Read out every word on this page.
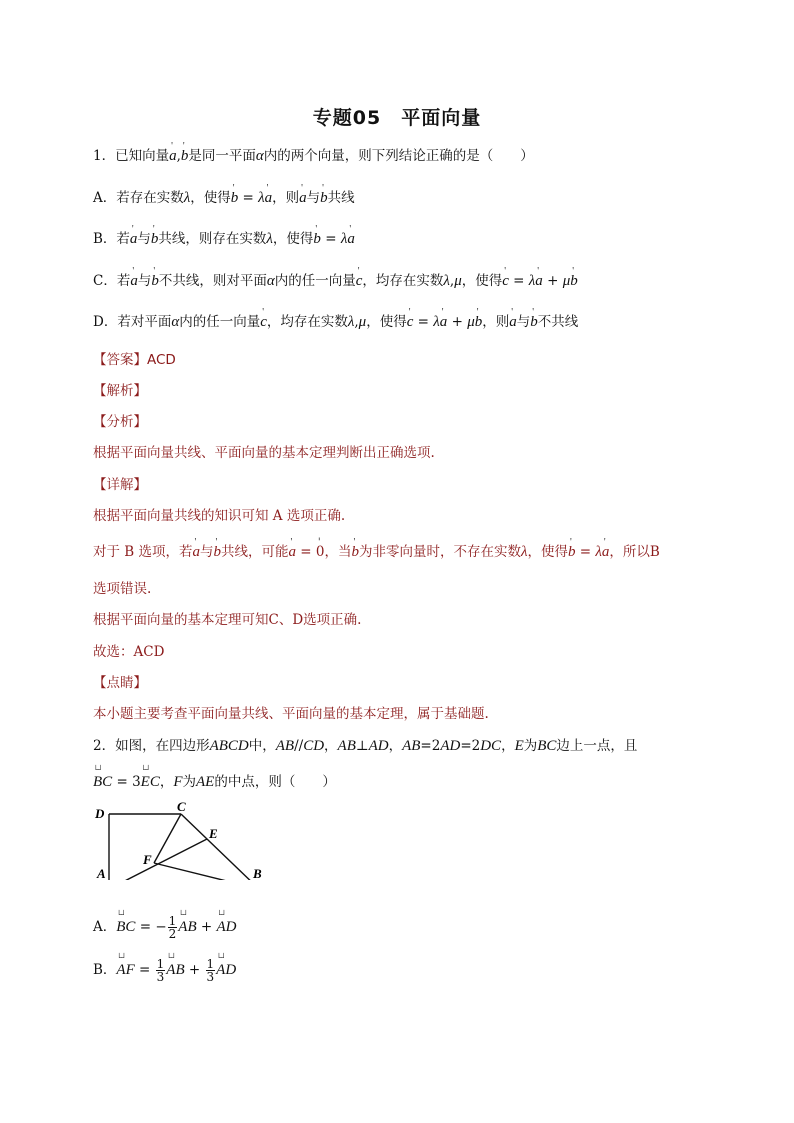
专题05　平面向量
1．已知向量' a,' b是同一平面α内的两个向量，则下列结论正确的是（　　）
A．若存在实数λ，使得' b = λ' a，则' a与' b共线
B．若' a与' b共线，则存在实数λ，使得' b = λ' a
C．若' a与' b不共线，则对平面α内的任一向量' c，均存在实数λ,μ，使得' c = λ' a + μ' b
D．若对平面α内的任一向量' c，均存在实数λ,μ，使得' c = λ' a + μ' b，则' a与' b不共线
【答案】ACD
【解析】
【分析】
根据平面向量共线、平面向量的基本定理判断出正确选项.
【详解】
根据平面向量共线的知识可知 A 选项正确.
对于 B 选项，若' a与' b共线，可能' a = ' 0，当' b为非零向量时，不存在实数λ，使得' b = λ' a，所以B
选项错误.
根据平面向量的基本定理可知C、D选项正确.
故选：ACD
【点睛】
本小题主要考查平面向量共线、平面向量的基本定理，属于基础题.
2．如图，在四边形ABCD中，AB//CD，AB⊥AD，AB=2AD=2DC，E为BC边上一点，且
└┘ BC = 3└┘ EC，F为AE的中点，则（　　）
D	C
E
F
A	B
A．└┘ BC = − $\frac{1}{2}$ └┘ AB + └┘ AD
B．└┘ AF = $\frac{1}{3}$ └┘ AB + $\frac{1}{3}$ └┘ AD
